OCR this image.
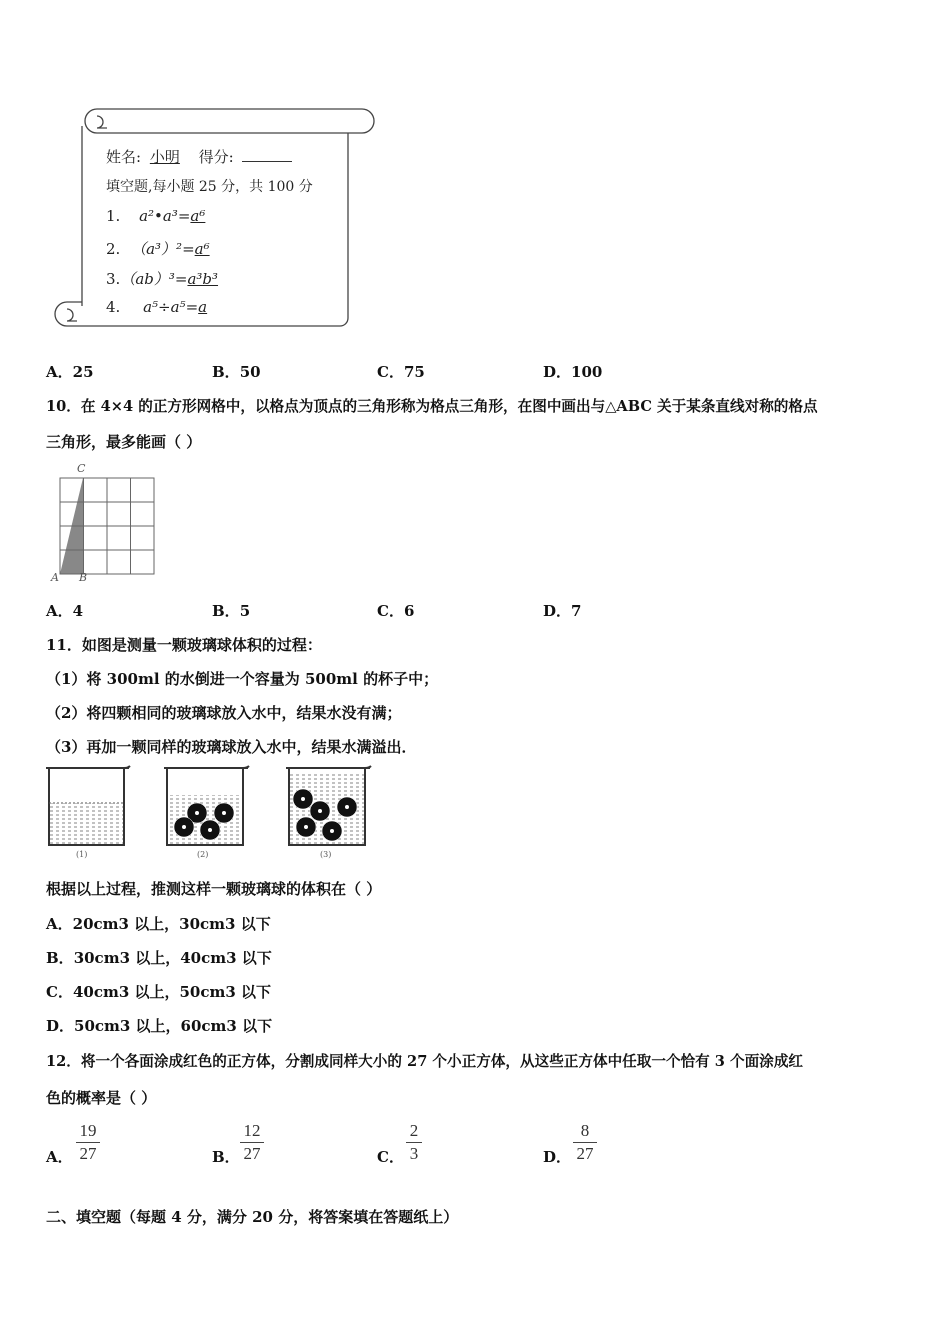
姓名: 小明 得分:
填空题,每小题 25 分，共 100 分
1. a²•a³=a⁶
2. （a³）²=a⁶
3.（ab）³=a³b³
4. a⁵÷a⁵=a
A．25	B．50	C．75	D．100
10．在 4×4 的正方形网格中，以格点为顶点的三角形称为格点三角形，在图中画出与△ABC 关于某条直线对称的格点
三角形，最多能画（ ）
C
A B
A．4	B．5	C．6	D．7
11．如图是测量一颗玻璃球体积的过程：
（1）将 300ml 的水倒进一个容量为 500ml 的杯子中；
（2）将四颗相同的玻璃球放入水中，结果水没有满；
（3）再加一颗同样的玻璃球放入水中，结果水满溢出．
(1)	(2)	(3)
根据以上过程，推测这样一颗玻璃球的体积在（ ）
A．20cm3 以上，30cm3 以下
B．30cm3 以上，40cm3 以下
C．40cm3 以上，50cm3 以下
D．50cm3 以上，60cm3 以下
12．将一个各面涂成红色的正方体，分割成同样大小的 27 个小正方体，从这些正方体中任取一个恰有 3 个面涂成红
色的概率是（ ）
A． $\frac{19}{27}$	B． $\frac{12}{27}$	C． $\frac{2}{3}$	D． $\frac{8}{27}$
二、填空题（每题 4 分，满分 20 分，将答案填在答题纸上）
